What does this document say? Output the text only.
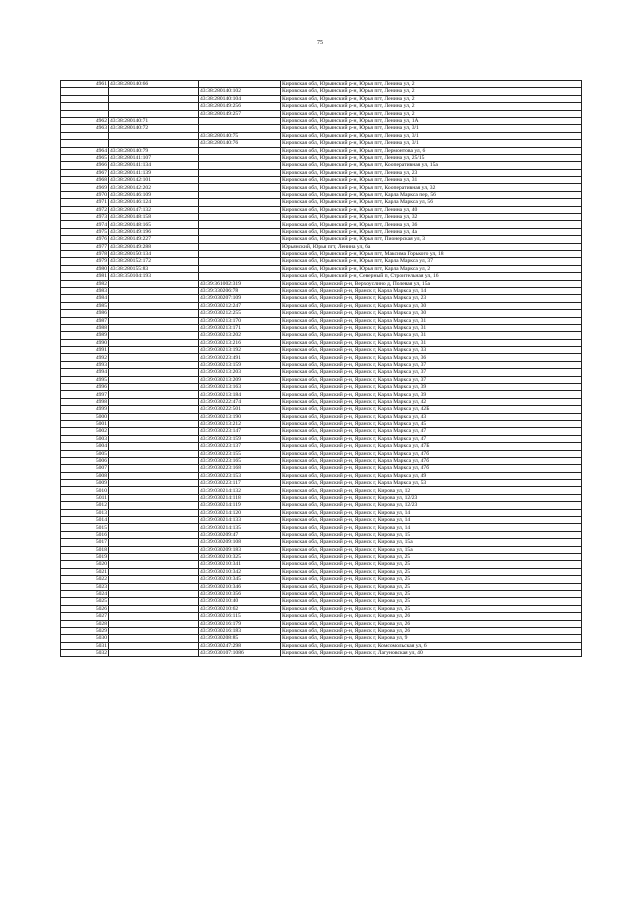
75
4961	43:38:280140:66		Кировская обл, Юрьянский р-н, Юрья пгт, Ленина ул, 2
		43:38:280140:102	Кировская обл, Юрьянский р-н, Юрья пгт, Ленина ул, 2
		43:38:280140:104	Кировская обл, Юрьянский р-н, Юрья пгт, Ленина ул, 2
		43:38:280149:256	Кировская обл, Юрьянский р-н, Юрья пгт, Ленина ул, 2
		43:38:280149:257	Кировская обл, Юрьянский р-н, Юрья пгт, Ленина ул, 2
4962	43:38:280140:71		Кировская обл, Юрьянский р-н, Юрья пгт, Ленина ул, 1А
4963	43:38:280140:72		Кировская обл, Юрьянский р-н, Юрья пгт, Ленина ул, 3/1
		43:38:280140:75	Кировская обл, Юрьянский р-н, Юрья пгт, Ленина ул, 3/1
		43:38:280140:76	Кировская обл, Юрьянский р-н, Юрья пгт, Ленина ул, 3/1
4964	43:38:280140:79		Кировская обл, Юрьянский р-н, Юрья пгт, Лермонтова ул, 6
4965	43:38:280141:107		Кировская обл, Юрьянский р-н, Юрья пгт, Ленина ул, 25/15
4966	43:38:280141:134		Кировская обл, Юрьянский р-н, Юрья пгт, Кооперативная ул, 15а
4967	43:38:280141:139		Кировская обл, Юрьянский р-н, Юрья пгт, Ленина ул, 23
4968	43:38:280142:101		Кировская обл, Юрьянский р-н, Юрья пгт, Ленина ул, 31
4969	43:38:280142:202		Кировская обл, Юрьянский р-н, Юрья пгт, Кооперативная ул, 32
4970	43:38:280146:109		Кировская обл, Юрьянский р-н, Юрья пгт, Карла Маркса пер, 56
4971	43:38:280146:124		Кировская обл, Юрьянский р-н, Юрья пгт, Карла Маркса ул, 56
4972	43:38:280147:132		Кировская обл, Юрьянский р-н, Юрья пгт, Ленина ул, 40
4973	43:38:280148:158		Кировская обл, Юрьянский р-н, Юрья пгт, Ленина ул, 32
4974	43:38:280148:165		Кировская обл, Юрьянский р-н, Юрья пгт, Ленина ул, 36
4975	43:38:280149:196		Кировская обл, Юрьянский р-н, Юрья пгт, Ленина ул, 4а
4976	43:38:280149:227		Кировская обл, Юрьянский р-н, Юрья пгт, Пионерская ул, 3
4977	43:38:280149:288		Юрьянский, Юрья пгт, Ленина ул, 6а
4978	43:38:280150:134		Кировская обл, Юрьянский р-н, Юрья пгт, Максима Горького ул, 18
4979	43:38:280152:172		Кировская обл, Юрьянский р-н, Юрья пгт, Карла Маркса ул, 37
4980	43:38:280155:83		Кировская обл, Юрьянский р-н, Юрья пгт, Карла Маркса ул, 2
4981	43:38:350104:193		Кировская обл, Юрьянский р-н, Северный п, Строительная ул, 16
4982		43:39:361002:319	Кировская обл, Яранский р-н, Верхоуслино д, Полевая ул, 15а
4983		43:39:330206:78	Кировская обл, Яранский р-н, Яранск г, Карла Маркса ул, 14
4984		43:39:030207:109	Кировская обл, Яранский р-н, Яранск г, Карла Маркса ул, 23
4985		43:39:030212:247	Кировская обл, Яранский р-н, Яранск г, Карла Маркса ул, 30
4986		43:39:030212:255	Кировская обл, Яранский р-н, Яранск г, Карла Маркса ул, 30
4987		43:39:030213:170	Кировская обл, Яранский р-н, Яранск г, Карла Маркса ул, 31
4988		43:39:030213:171	Кировская обл, Яранский р-н, Яранск г, Карла Маркса ул, 31
4989		43:39:030213:202	Кировская обл, Яранский р-н, Яранск г, Карла Маркса ул, 31
4990		43:39:030213:216	Кировская обл, Яранский р-н, Яранск г, Карла Маркса ул, 31
4991		43:39:030213:192	Кировская обл, Яранский р-н, Яранск г, Карла Маркса ул, 33
4992		43:39:030223:491	Кировская обл, Яранский р-н, Яранск г, Карла Маркса ул, 36
4993		43:39:030213:159	Кировская обл, Яранский р-н, Яранск г, Карла Маркса ул, 37
4994		43:39:030213:203	Кировская обл, Яранский р-н, Яранск г, Карла Маркса ул, 37
4995		43:39:030213:209	Кировская обл, Яранский р-н, Яранск г, Карла Маркса ул, 37
4996		43:39:030213:163	Кировская обл, Яранский р-н, Яранск г, Карла Маркса ул, 39
4997		43:39:030213:184	Кировская обл, Яранский р-н, Яранск г, Карла Маркса ул, 39
4998		43:39:030222:474	Кировская обл, Яранский р-н, Яранск г, Карла Маркса ул, 42
4999		43:39:030222:501	Кировская обл, Яранский р-н, Яранск г, Карла Маркса ул, 42Б
5000		43:39:030213:190	Кировская обл, Яранский р-н, Яранск г, Карла Маркса ул, 43
5001		43:39:030213:212	Кировская обл, Яранский р-н, Яранск г, Карла Маркса ул, 45
5002		43:39:030223:147	Кировская обл, Яранский р-н, Яранск г, Карла Маркса ул, 47
5003		43:39:030223:159	Кировская обл, Яранский р-н, Яранск г, Карла Маркса ул, 47
5004		43:39:030223:137	Кировская обл, Яранский р-н, Яранск г, Карла Маркса ул, 47Б
5005		43:39:030223:155	Кировская обл, Яранский р-н, Яранск г, Карла Маркса ул, 47б
5006		43:39:030223:165	Кировская обл, Яранский р-н, Яранск г, Карла Маркса ул, 47б
5007		43:39:030223:168	Кировская обл, Яранский р-н, Яранск г, Карла Маркса ул, 47б
5008		43:39:030223:153	Кировская обл, Яранский р-н, Яранск г, Карла Маркса ул, 49
5009		43:39:030223:117	Кировская обл, Яранский р-н, Яранск г, Карла Маркса ул, 53
5010		43:39:030214:132	Кировская обл, Яранский р-н, Яранск г, Кирова ул, 12
5011		43:39:030214:118	Кировская обл, Яранский р-н, Яранск г, Кирова ул, 12/23
5012		43:39:030214:119	Кировская обл, Яранский р-н, Яранск г, Кирова ул, 12/23
5013		43:39:030214:120	Кировская обл, Яранский р-н, Яранск г, Кирова ул, 14
5014		43:39:030214:133	Кировская обл, Яранский р-н, Яранск г, Кирова ул, 14
5015		43:39:030214:135	Кировская обл, Яранский р-н, Яранск г, Кирова ул, 14
5016		43:39:030209:47	Кировская обл, Яранский р-н, Яранск г, Кирова ул, 15
5017		43:39:030209:108	Кировская обл, Яранский р-н, Яранск г, Кирова ул, 15а
5018		43:39:030209:183	Кировская обл, Яранский р-н, Яранск г, Кирова ул, 15а
5019		43:39:030210:325	Кировская обл, Яранский р-н, Яранск г, Кирова ул, 25
5020		43:39:030210:341	Кировская обл, Яранский р-н, Яранск г, Кирова ул, 25
5021		43:39:030210:342	Кировская обл, Яранский р-н, Яранск г, Кирова ул, 25
5022		43:39:030210:345	Кировская обл, Яранский р-н, Яранск г, Кирова ул, 25
5023		43:39:030210:346	Кировская обл, Яранский р-н, Яранск г, Кирова ул, 25
5024		43:39:030210:356	Кировская обл, Яранский р-н, Яранск г, Кирова ул, 25
5025		43:39:030210:40	Кировская обл, Яранский р-н, Яранск г, Кирова ул, 25
5026		43:39:030210:62	Кировская обл, Яранский р-н, Яранск г, Кирова ул, 25
5027		43:39:030216:115	Кировская обл, Яранский р-н, Яранск г, Кирова ул, 26
5028		43:39:030216:179	Кировская обл, Яранский р-н, Яранск г, Кирова ул, 26
5029		43:39:030216:183	Кировская обл, Яранский р-н, Яранск г, Кирова ул, 26
5030		43:39:030208:85	Кировская обл, Яранский р-н, Яранск г, Кирова ул, 9
5031		43:39:030247:298	Кировская обл, Яранский р-н, Яранск г, Комсомольская ул, 6
5032		43:39:030107:1086	Кировская обл, Яранский р-н, Яранск г, Лагуновская ул, 40
